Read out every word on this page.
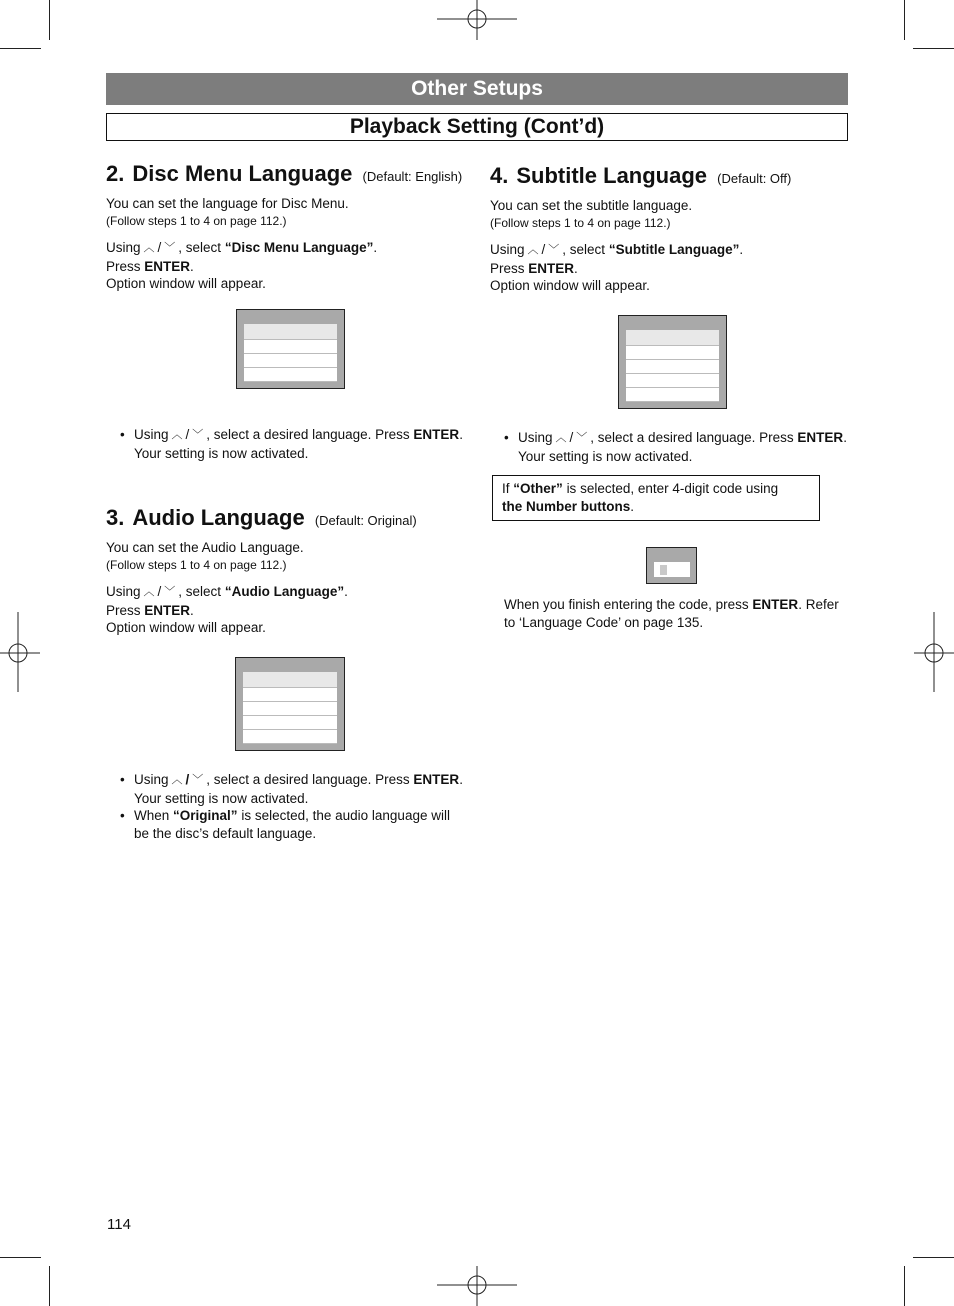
Other Setups
Playback Setting (Cont’d)
2. Disc Menu Language (Default: English)
You can set the language for Disc Menu.
(Follow steps 1 to 4 on page 112.)
Using ︿ / ﹀ , select “Disc Menu Language”.
Press ENTER.
Option window will appear.
• Using ︿ / ﹀ , select a desired language. Press ENTER.
Your setting is now activated.
3. Audio Language (Default: Original)
You can set the Audio Language.
(Follow steps 1 to 4 on page 112.)
Using ︿ / ﹀ , select “Audio Language”.
Press ENTER.
Option window will appear.
• Using ︿ / ﹀ , select a desired language. Press ENTER.
Your setting is now activated.
• When “Original” is selected, the audio language will
be the disc’s default language.
4. Subtitle Language (Default: Off)
You can set the subtitle language.
(Follow steps 1 to 4 on page 112.)
Using ︿ / ﹀ , select “Subtitle Language”.
Press ENTER.
Option window will appear.
• Using ︿ / ﹀ , select a desired language. Press ENTER.
Your setting is now activated.
If “Other” is selected, enter 4-digit code using
the Number buttons.
When you finish entering the code, press ENTER. Refer
to ‘Language Code’ on page 135.
114
